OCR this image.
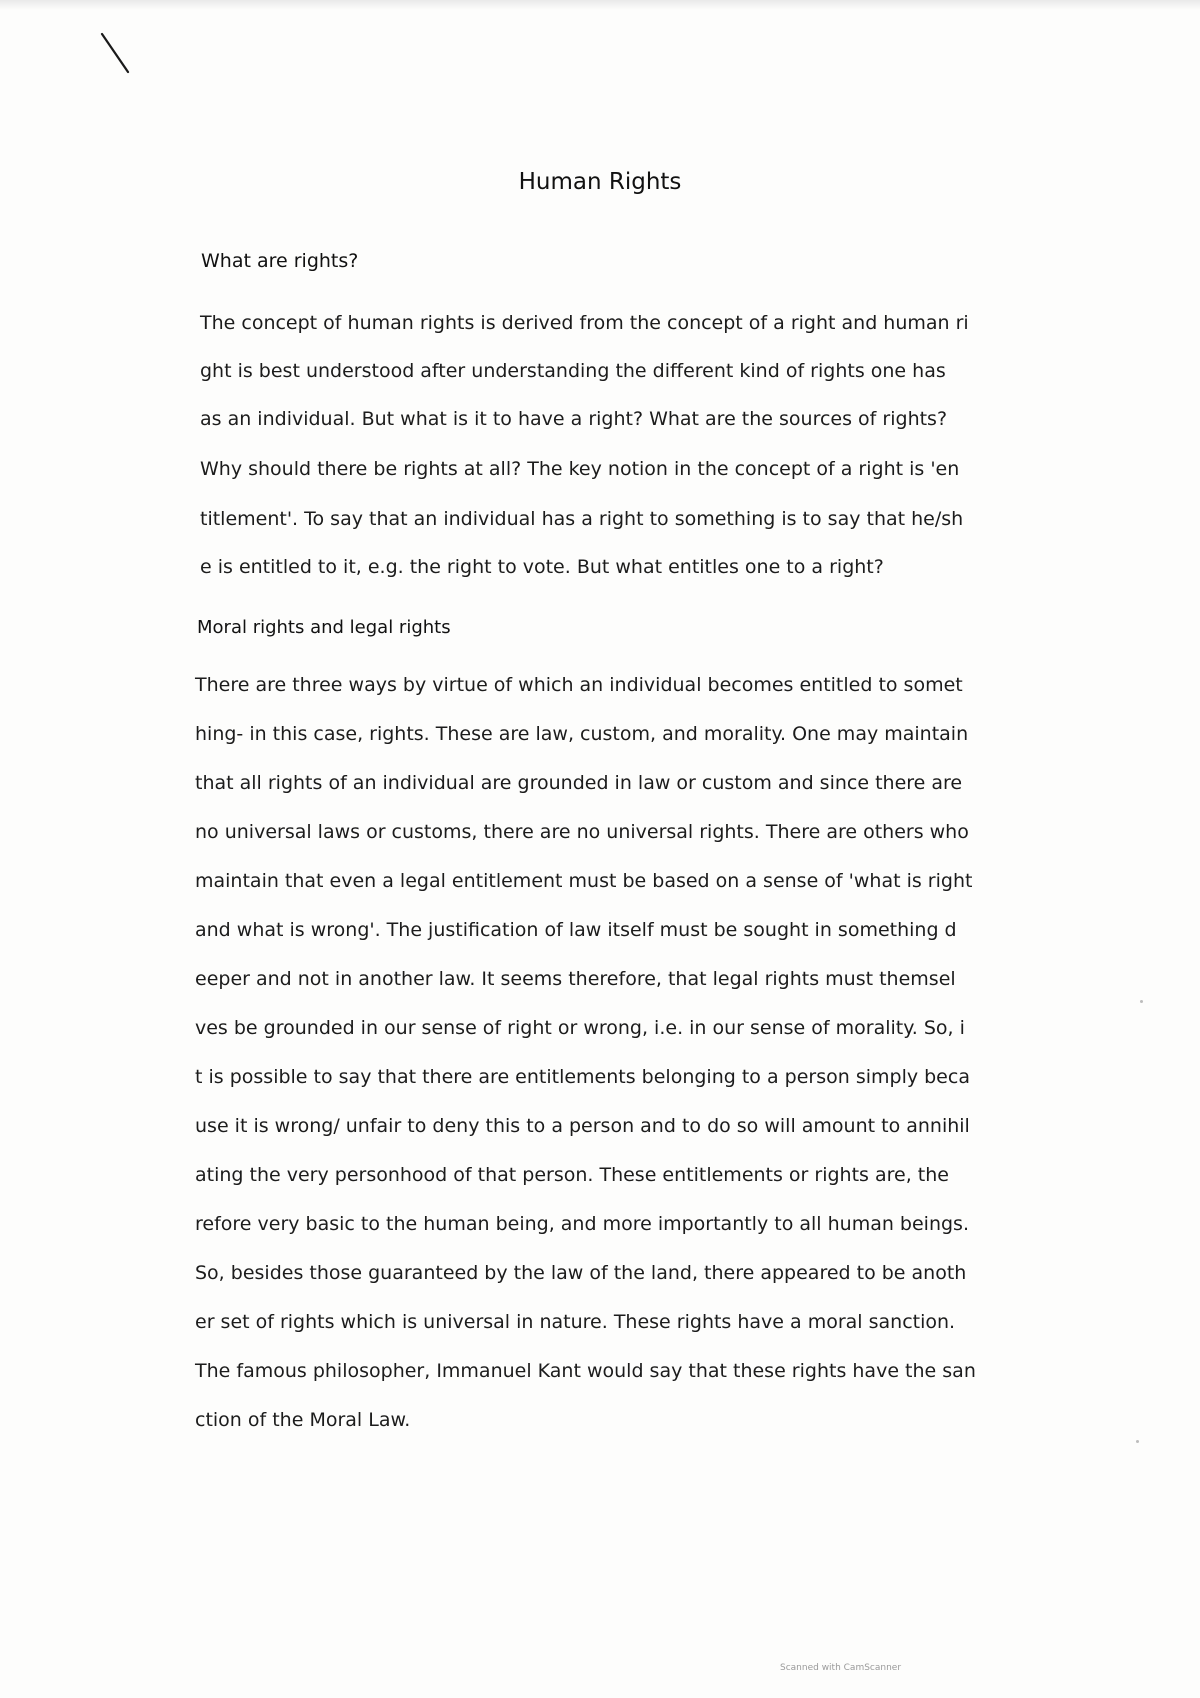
Human Rights
What are rights?
The concept of human rights is derived from the concept of a right and human ri
ght is best understood after understanding the different kind of rights one has
as an individual. But what is it to have a right? What are the sources of rights?
Why should there be rights at all? The key notion in the concept of a right is 'en
titlement'. To say that an individual has a right to something is to say that he/sh
e is entitled to it, e.g. the right to vote. But what entitles one to a right?
Moral rights and legal rights
There are three ways by virtue of which an individual becomes entitled to somet
hing- in this case, rights. These are law, custom, and morality. One may maintain
that all rights of an individual are grounded in law or custom and since there are
no universal laws or customs, there are no universal rights. There are others who
maintain that even a legal entitlement must be based on a sense of 'what is right
and what is wrong'. The justification of law itself must be sought in something d
eeper and not in another law. It seems therefore, that legal rights must themsel
ves be grounded in our sense of right or wrong, i.e. in our sense of morality. So, i
t is possible to say that there are entitlements belonging to a person simply beca
use it is wrong/ unfair to deny this to a person and to do so will amount to annihil
ating the very personhood of that person. These entitlements or rights are, the
refore very basic to the human being, and more importantly to all human beings.
So, besides those guaranteed by the law of the land, there appeared to be anoth
er set of rights which is universal in nature. These rights have a moral sanction.
The famous philosopher, Immanuel Kant would say that these rights have the san
ction of the Moral Law.
Scanned with CamScanner
